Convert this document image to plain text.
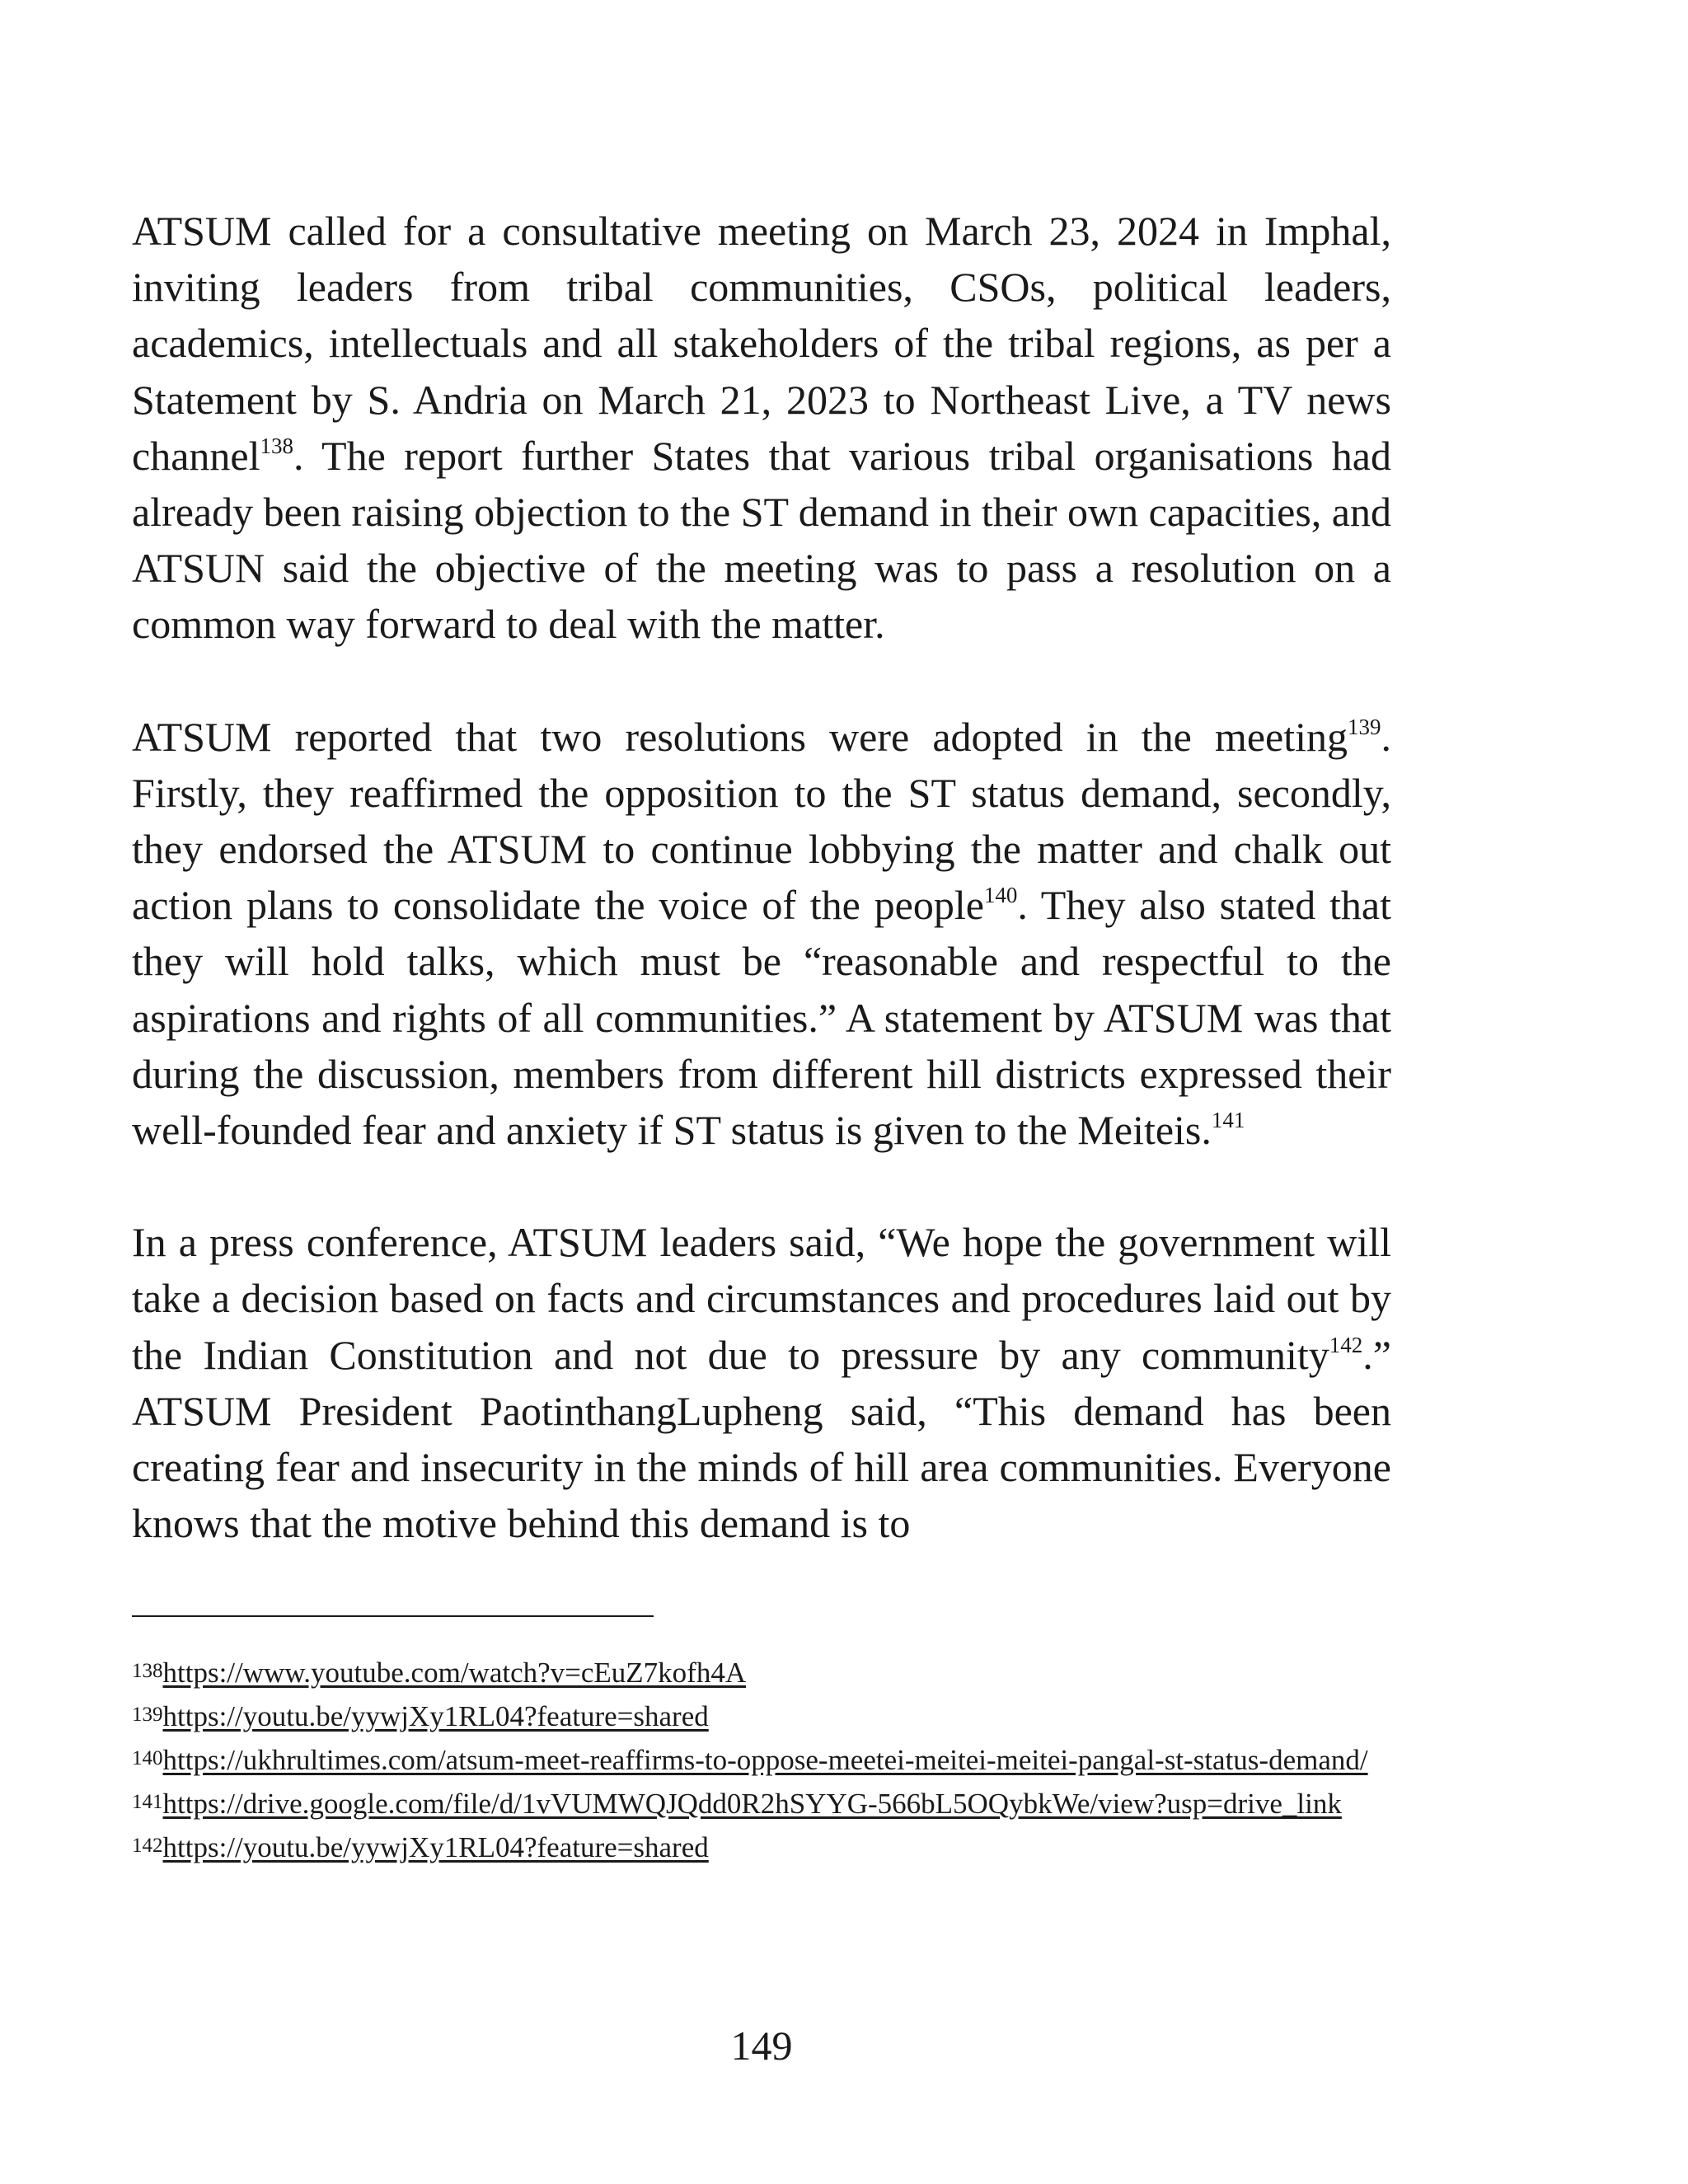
ATSUM called for a consultative meeting on March 23, 2024 in Imphal, inviting leaders from tribal communities, CSOs, political leaders, academics, intellectuals and all stakeholders of the tribal regions, as per a Statement by S. Andria on March 21, 2023 to Northeast Live, a TV news channel$^{138}$. The report further States that various tribal organisations had already been raising objection to the ST demand in their own capacities, and ATSUN said the objective of the meeting was to pass a resolution on a common way forward to deal with the matter.

ATSUM reported that two resolutions were adopted in the meeting$^{139}$. Firstly, they reaffirmed the opposition to the ST status demand, secondly, they endorsed the ATSUM to continue lobbying the matter and chalk out action plans to consolidate the voice of the people$^{140}$. They also stated that they will hold talks, which must be “reasonable and respectful to the aspirations and rights of all communities.” A statement by ATSUM was that during the discussion, members from different hill districts expressed their well-founded fear and anxiety if ST status is given to the Meiteis.$^{141}$

In a press conference, ATSUM leaders said, “We hope the government will take a decision based on facts and circumstances and procedures laid out by the Indian Constitution and not due to pressure by any community$^{142}$.” ATSUM President PaotinthangLupheng said, “This demand has been creating fear and insecurity in the minds of hill area communities. Everyone knows that the motive behind this demand is to

138https://www.youtube.com/watch?v=cEuZ7kofh4A

139https://youtu.be/yywjXy1RL04?feature=shared

140https://ukhrultimes.com/atsum-meet-reaffirms-to-oppose-meetei-meitei-meitei-pangal-st-status-demand/

141https://drive.google.com/file/d/1vVUMWQJQdd0R2hSYYG-566bL5OQybkWe/view?usp=drive_link

142https://youtu.be/yywjXy1RL04?feature=shared

149
